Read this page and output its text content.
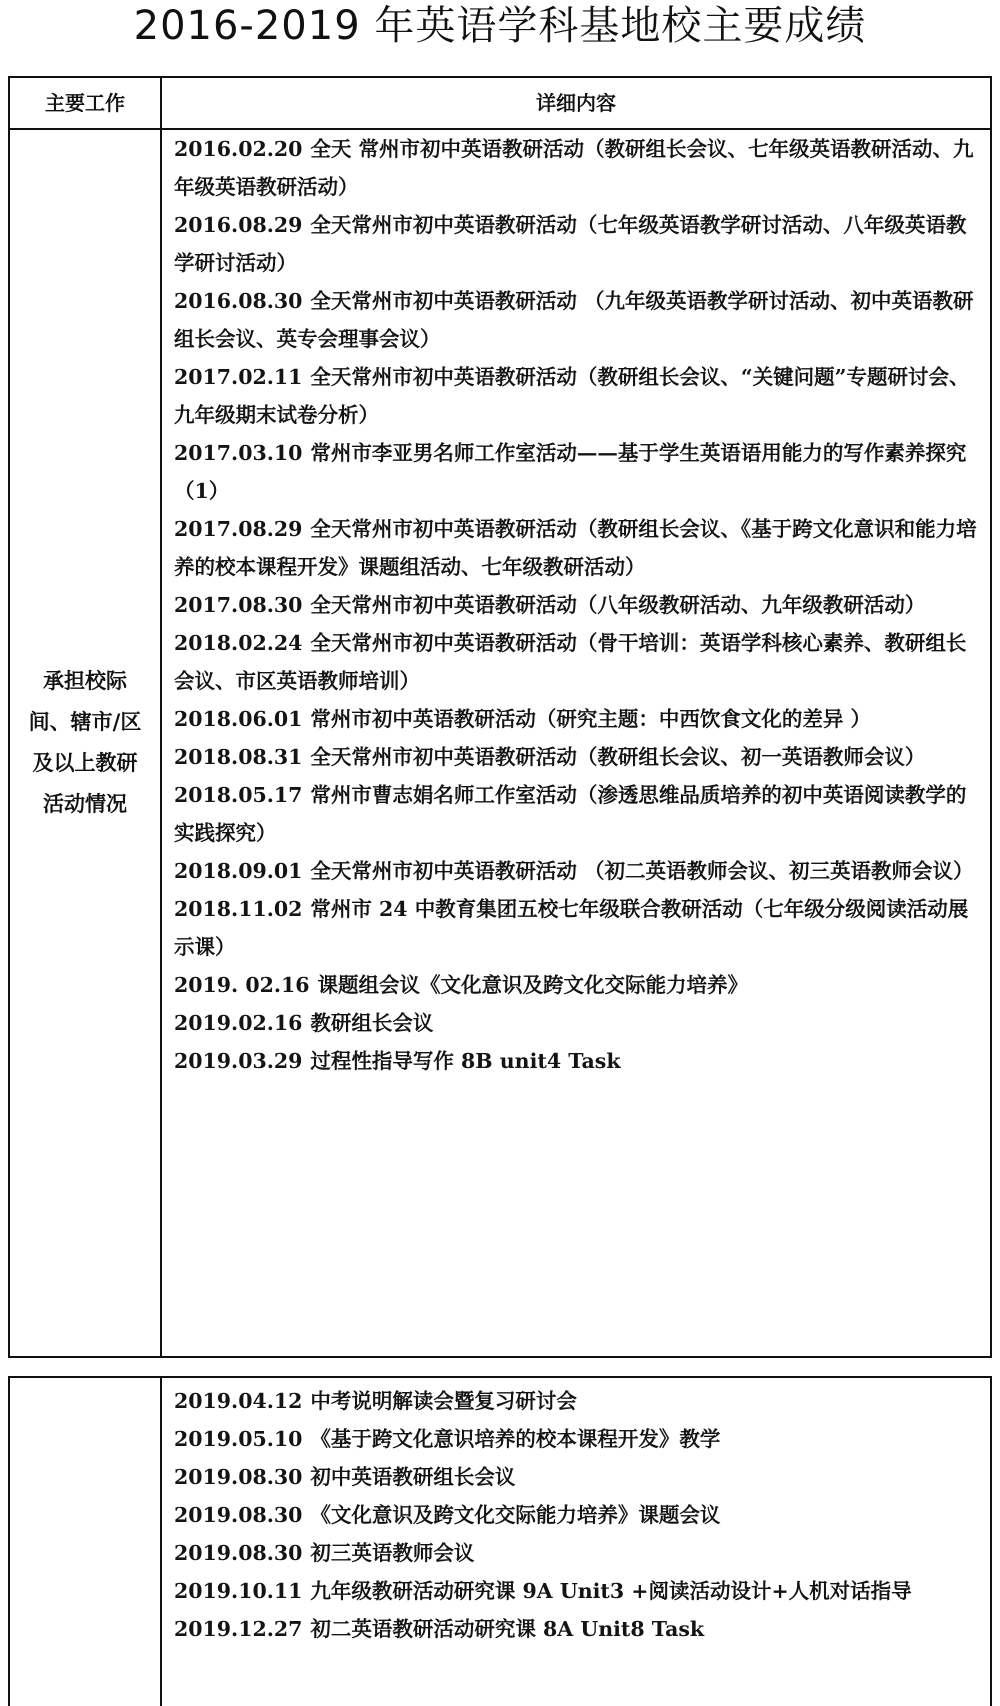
2016-2019 年英语学科基地校主要成绩
主要工作	详细内容
承担校际间、辖市/区及以上教研活动情况
2016.02.20 全天 常州市初中英语教研活动（教研组长会议、七年级英语教研活动、九年级英语教研活动）
2016.08.29 全天常州市初中英语教研活动（七年级英语教学研讨活动、八年级英语教学研讨活动）
2016.08.30 全天常州市初中英语教研活动 （九年级英语教学研讨活动、初中英语教研组长会议、英专会理事会议）
2017.02.11 全天常州市初中英语教研活动（教研组长会议、“关键问题”专题研讨会、九年级期末试卷分析）
2017.03.10 常州市李亚男名师工作室活动——基于学生英语语用能力的写作素养探究（1）
2017.08.29 全天常州市初中英语教研活动（教研组长会议、《基于跨文化意识和能力培养的校本课程开发》课题组活动、七年级教研活动）
2017.08.30 全天常州市初中英语教研活动（八年级教研活动、九年级教研活动）
2018.02.24 全天常州市初中英语教研活动（骨干培训：英语学科核心素养、教研组长会议、市区英语教师培训）
2018.06.01 常州市初中英语教研活动（研究主题：中西饮食文化的差异 ）
2018.08.31 全天常州市初中英语教研活动（教研组长会议、初一英语教师会议）
2018.05.17 常州市曹志娟名师工作室活动（渗透思维品质培养的初中英语阅读教学的实践探究）
2018.09.01 全天常州市初中英语教研活动 （初二英语教师会议、初三英语教师会议）
2018.11.02 常州市 24 中教育集团五校七年级联合教研活动（七年级分级阅读活动展示课）
2019. 02.16 课题组会议《文化意识及跨文化交际能力培养》
2019.02.16 教研组长会议
2019.03.29 过程性指导写作 8B unit4 Task
2019.04.12 中考说明解读会暨复习研讨会
2019.05.10 《基于跨文化意识培养的校本课程开发》教学
2019.08.30 初中英语教研组长会议
2019.08.30 《文化意识及跨文化交际能力培养》课题会议
2019.08.30 初三英语教师会议
2019.10.11 九年级教研活动研究课 9A Unit3 +阅读活动设计+人机对话指导
2019.12.27 初二英语教研活动研究课 8A Unit8 Task
